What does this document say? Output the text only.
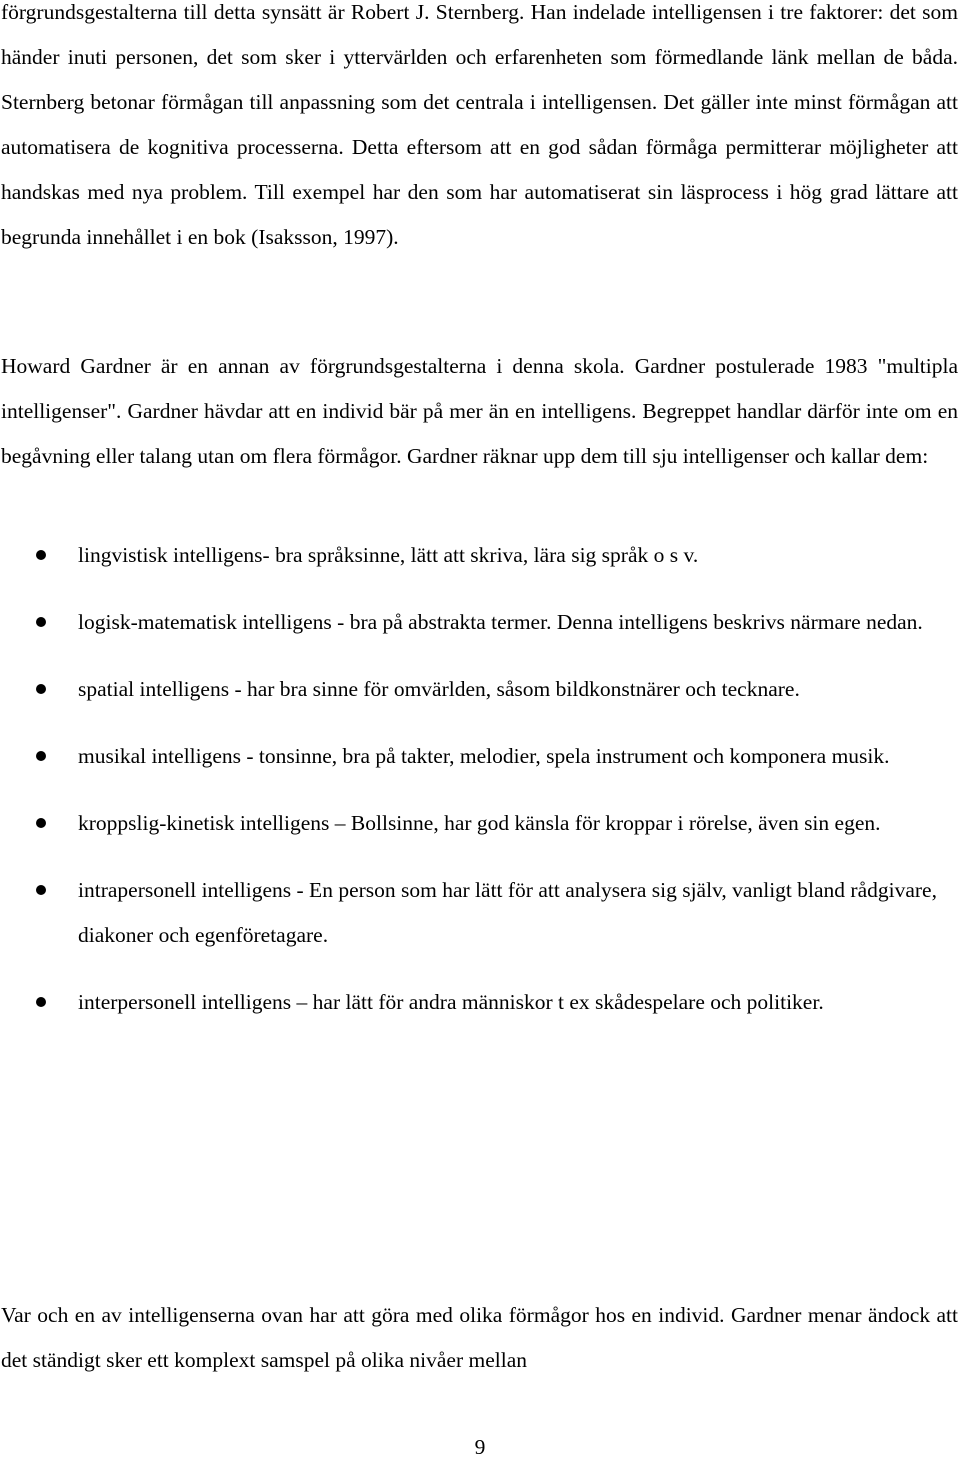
förgrundsgestalterna till detta synsätt är Robert J. Sternberg. Han indelade intelligensen i tre faktorer: det som händer inuti personen, det som sker i yttervärlden och erfarenheten som förmedlande länk mellan de båda. Sternberg betonar förmågan till anpassning som det centrala i intelligensen. Det gäller inte minst förmågan att automatisera de kognitiva processerna. Detta eftersom att en god sådan förmåga permitterar möjligheter att handskas med nya problem. Till exempel har den som har automatiserat sin läsprocess i hög grad lättare att begrunda innehållet i en bok (Isaksson, 1997).

Howard Gardner är en annan av förgrundsgestalterna i denna skola. Gardner postulerade 1983 "multipla intelligenser". Gardner hävdar att en individ bär på mer än en intelligens. Begreppet handlar därför inte om en begåvning eller talang utan om flera förmågor. Gardner räknar upp dem till sju intelligenser och kallar dem:

lingvistisk intelligens- bra språksinne, lätt att skriva, lära sig språk o s v.
logisk-matematisk intelligens - bra på abstrakta termer. Denna intelligens beskrivs närmare nedan.
spatial intelligens - har bra sinne för omvärlden, såsom bildkonstnärer och tecknare.
musikal intelligens - tonsinne, bra på takter, melodier, spela instrument och komponera musik.
kroppslig-kinetisk intelligens – Bollsinne, har god känsla för kroppar i rörelse, även sin egen.
intrapersonell intelligens - En person som har lätt för att analysera sig själv, vanligt bland rådgivare, diakoner och egenföretagare.
interpersonell intelligens – har lätt för andra människor t ex skådespelare och politiker.

Var och en av intelligenserna ovan har att göra med olika förmågor hos en individ. Gardner menar ändock att det ständigt sker ett komplext samspel på olika nivåer mellan

9
